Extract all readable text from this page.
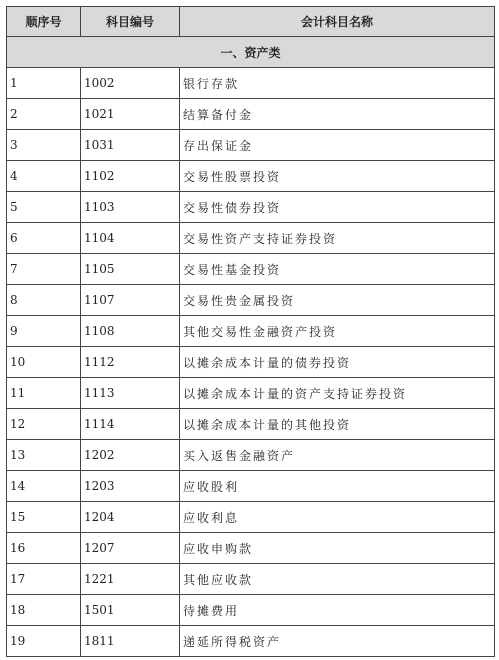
顺序号	科目编号	会计科目名称
一、资产类		
1	1002	银行存款
2	1021	结算备付金
3	1031	存出保证金
4	1102	交易性股票投资
5	1103	交易性债券投资
6	1104	交易性资产支持证券投资
7	1105	交易性基金投资
8	1107	交易性贵金属投资
9	1108	其他交易性金融资产投资
10	1112	以摊余成本计量的债券投资
11	1113	以摊余成本计量的资产支持证券投资
12	1114	以摊余成本计量的其他投资
13	1202	买入返售金融资产
14	1203	应收股利
15	1204	应收利息
16	1207	应收申购款
17	1221	其他应收款
18	1501	待摊费用
19	1811	递延所得税资产
